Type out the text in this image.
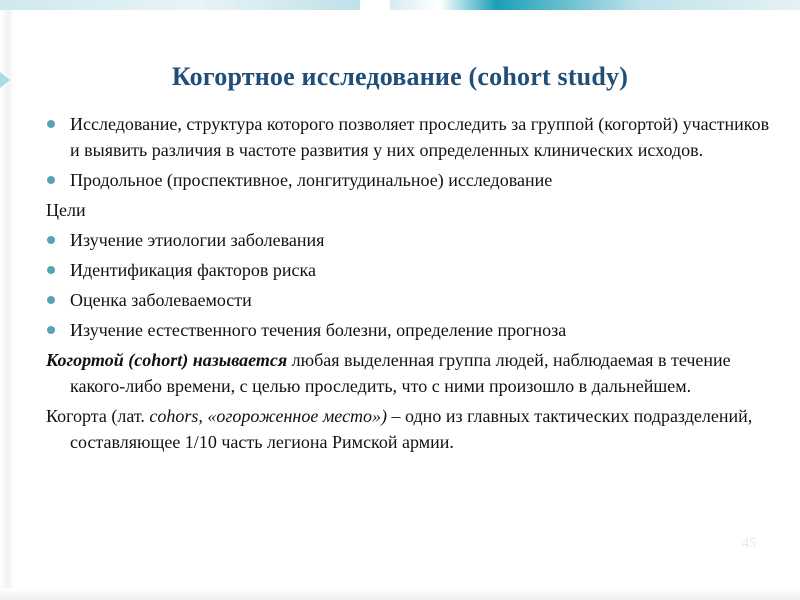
Когортное исследование (cohort study)
Исследование, структура которого позволяет проследить за группой (когортой) участников и выявить различия в частоте развития у них определенных клинических исходов.
Продольное (проспективное, лонгитудинальное) исследование
Цели
Изучение этиологии заболевания
Идентификация факторов риска
Оценка заболеваемости
Изучение естественного течения болезни, определение прогноза
Когортой (cohort) называется любая выделенная группа людей, наблюдаемая в течение какого-либо времени, с целью проследить, что с ними произошло в дальнейшем.
Когорта (лат. cohors, «огороженное место») – одно из главных тактических подразделений, составляющее 1/10 часть легиона Римской армии.
45
